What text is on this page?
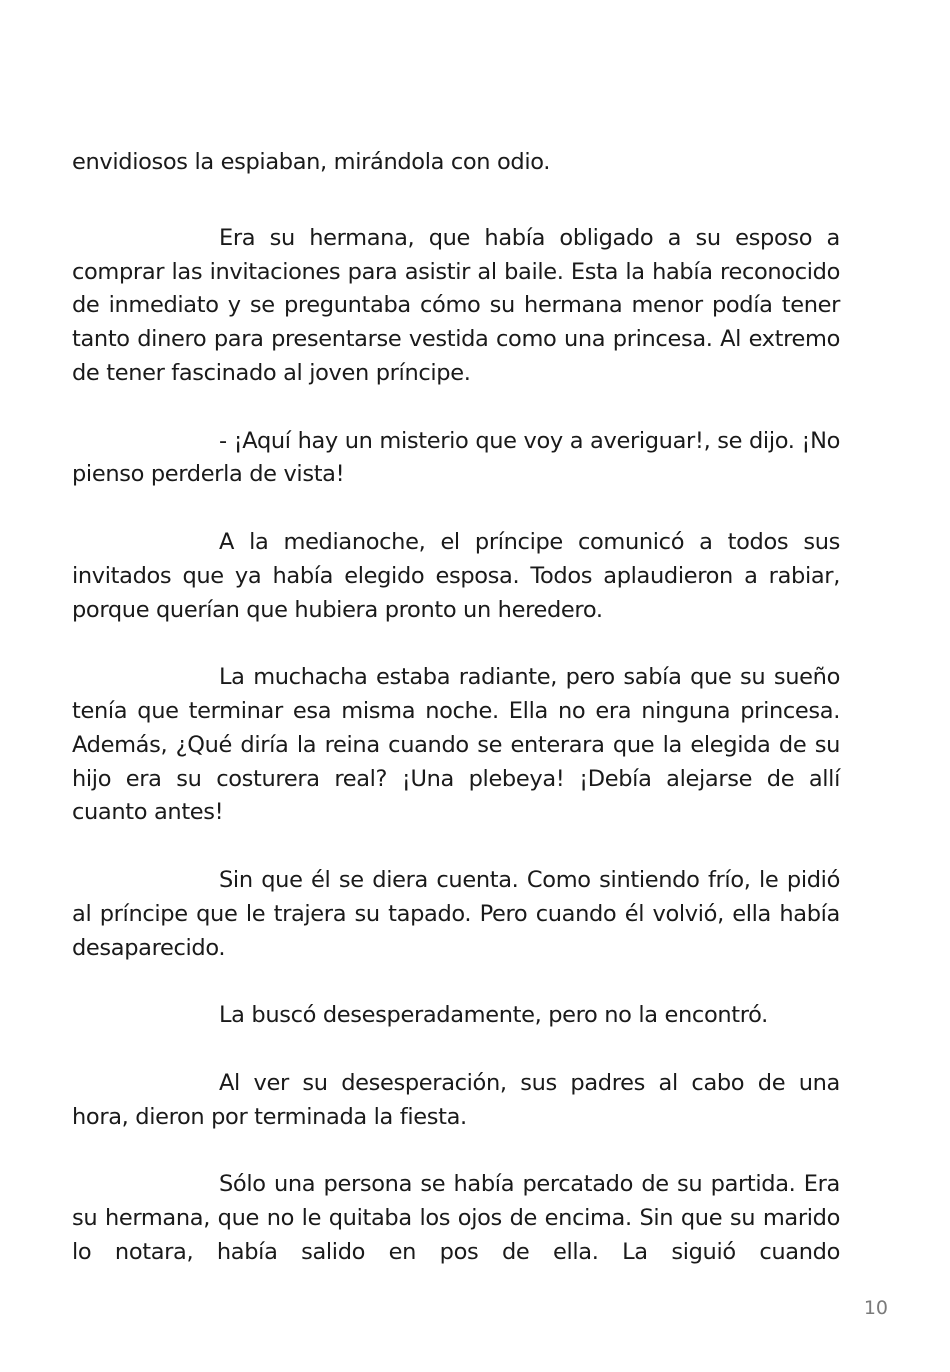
envidiosos la espiaban, mirándola con odio.

Era su hermana, que había obligado a su esposo a comprar las invitaciones para asistir al baile. Esta la había reconocido de inmediato y se preguntaba cómo su hermana menor podía tener tanto dinero para presentarse vestida como una princesa. Al extremo de tener fascinado al joven príncipe.

- ¡Aquí hay un misterio que voy a averiguar!, se dijo. ¡No pienso perderla de vista!

A la medianoche, el príncipe comunicó a todos sus invitados que ya había elegido esposa. Todos aplaudieron a rabiar, porque querían que hubiera pronto un heredero.

La muchacha estaba radiante, pero sabía que su sueño tenía que terminar esa misma noche. Ella no era ninguna princesa. Además, ¿Qué diría la reina cuando se enterara que la elegida de su hijo era su costurera real? ¡Una plebeya! ¡Debía alejarse de allí cuanto antes!

Sin que él se diera cuenta. Como sintiendo frío, le pidió al príncipe que le trajera su tapado. Pero cuando él volvió, ella había desaparecido.

La buscó desesperadamente, pero no la encontró.

Al ver su desesperación, sus padres al cabo de una hora, dieron por terminada la fiesta.

Sólo una persona se había percatado de su partida. Era su hermana, que no le quitaba los ojos de encima. Sin que su marido lo notara, había salido en pos de ella. La siguió cuando

10
